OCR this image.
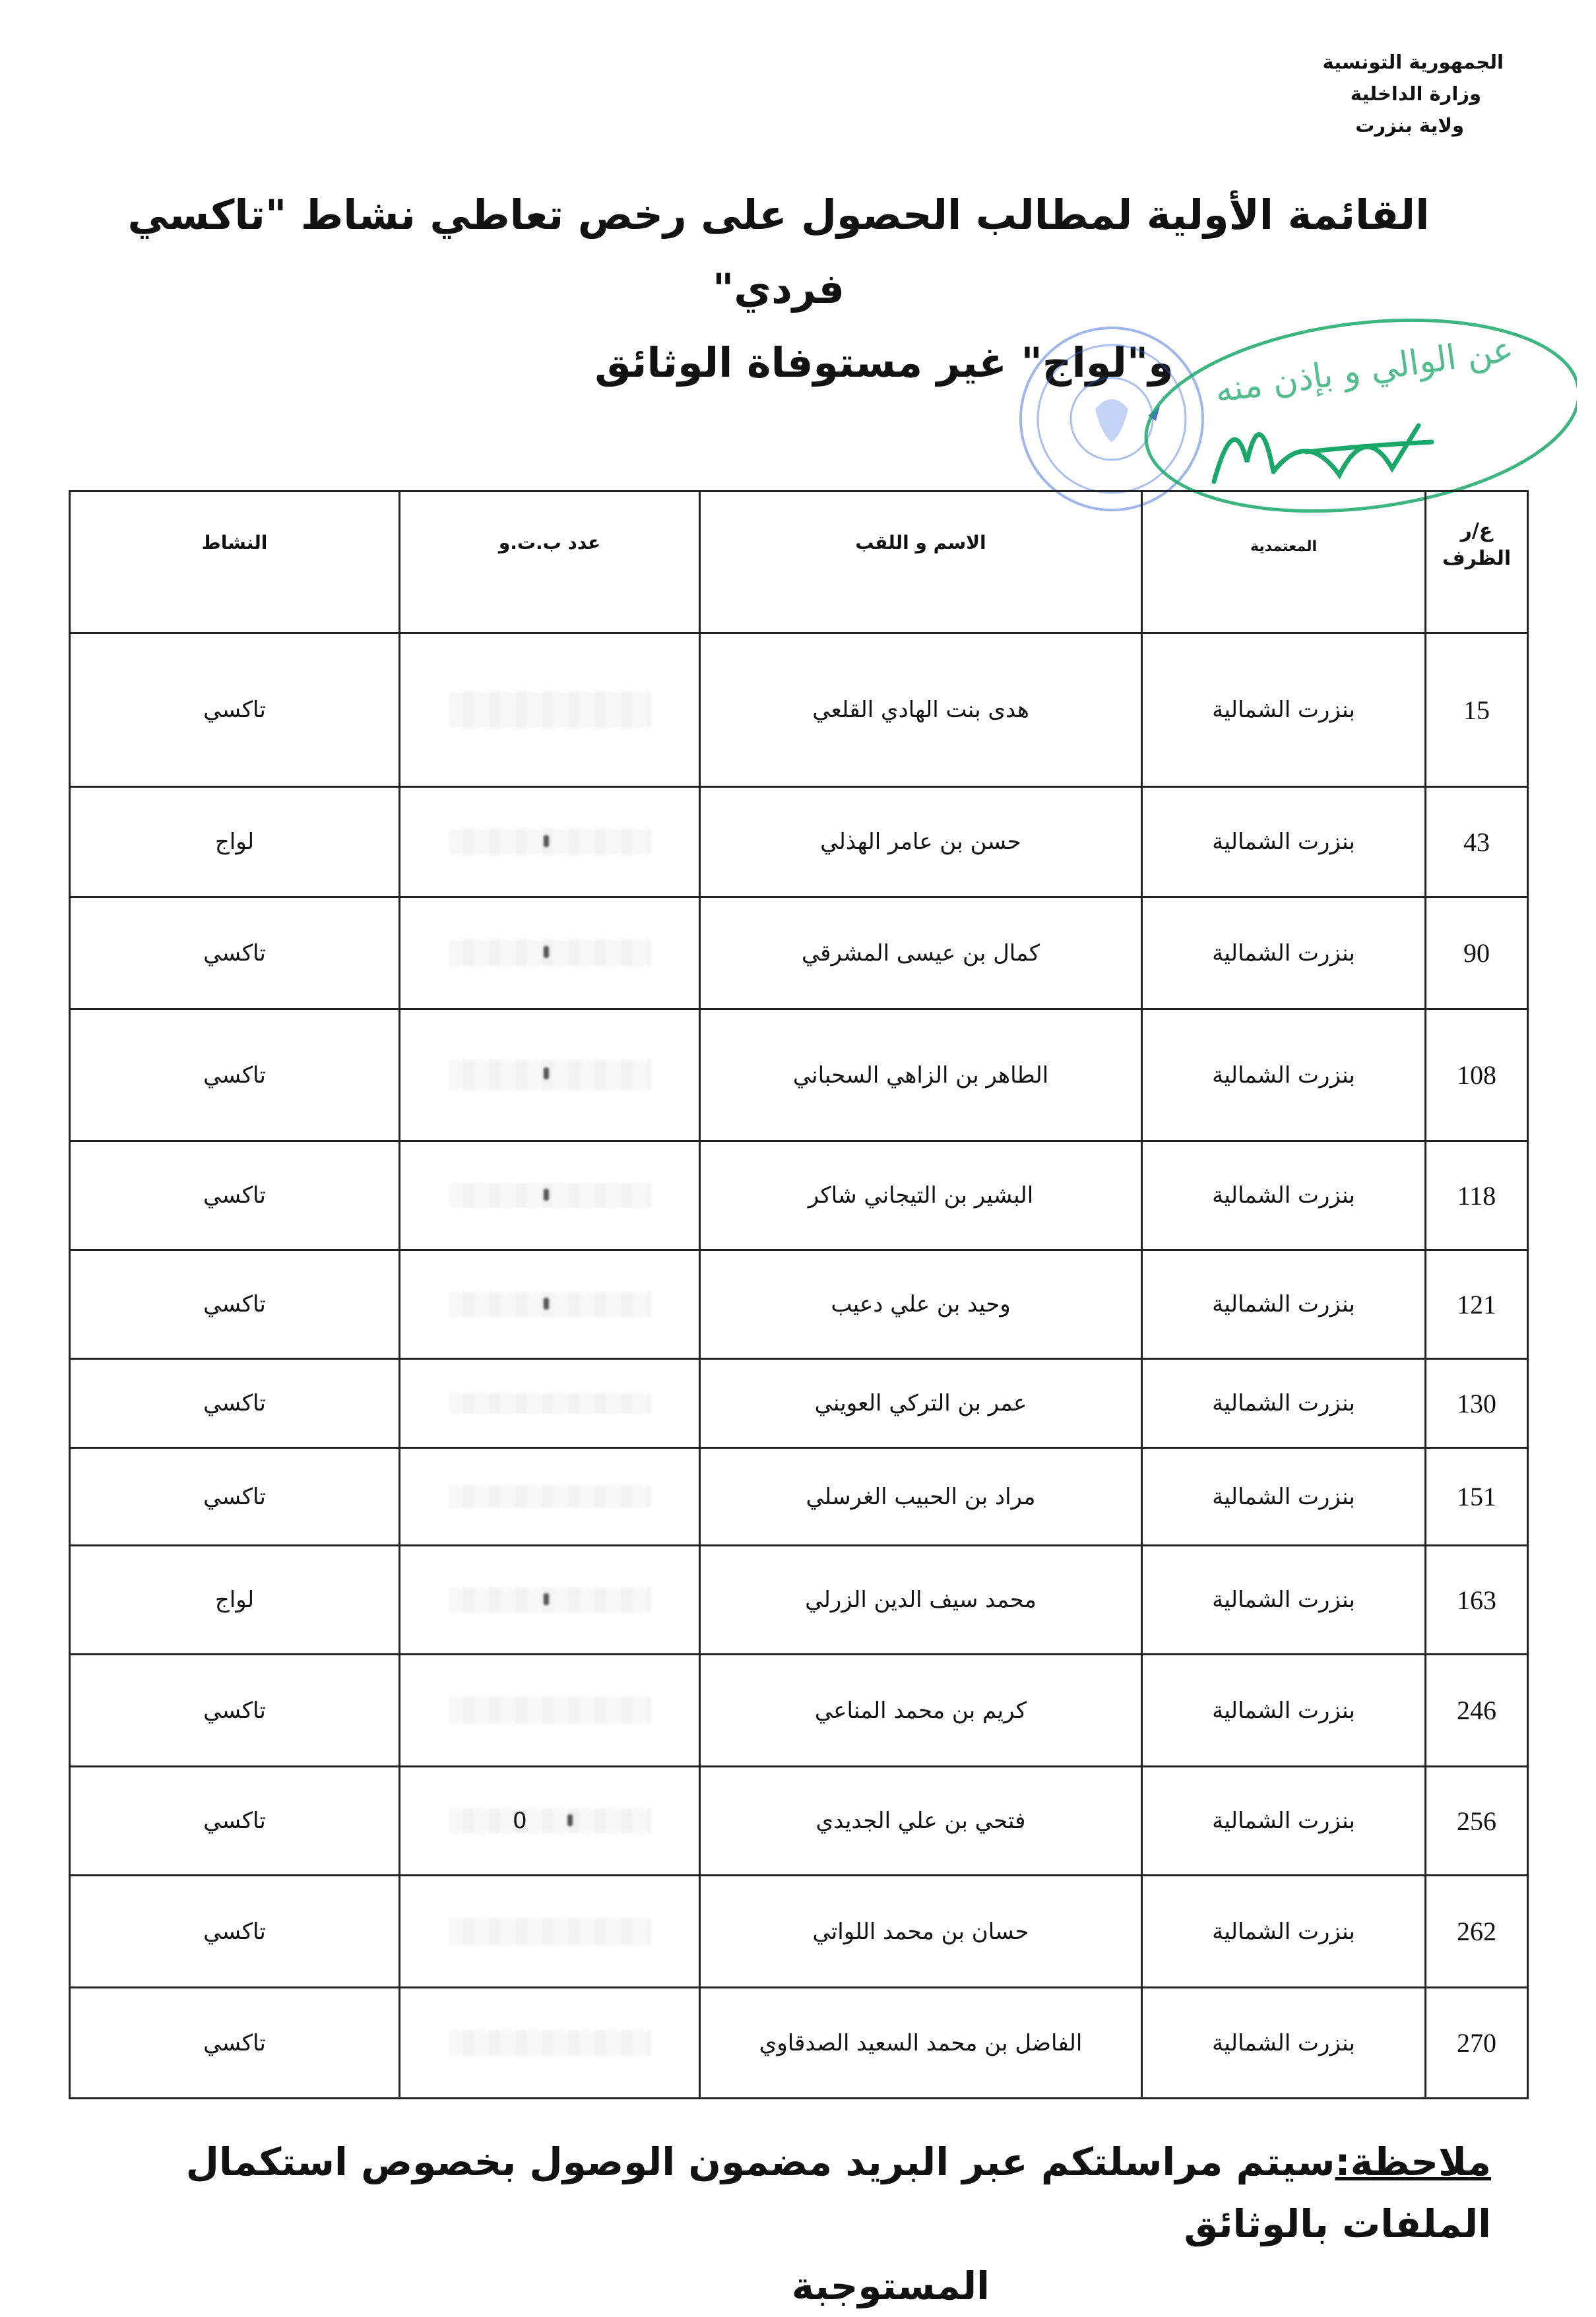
الجمهورية التونسية
وزارة الداخلية
ولاية بنزرت
القائمة الأولية لمطالب الحصول على رخص تعاطي نشاط "تاكسي فردي"
و"لواج" غير مستوفاة الوثائق	عن الوالي و بإذن منه
ع/ر الظرف	المعتمدية	الاسم و اللقب	عدد ب.ت.و	النشاط
15	بنزرت الشمالية	هدى بنت الهادي القلعي		تاكسي
43	بنزرت الشمالية	حسن بن عامر الهذلي		لواج
90	بنزرت الشمالية	كمال بن عيسى المشرقي		تاكسي
108	بنزرت الشمالية	الطاهر بن الزاهي السحباني		تاكسي
118	بنزرت الشمالية	البشير بن التيجاني شاكر		تاكسي
121	بنزرت الشمالية	وحيد بن علي دعيب		تاكسي
130	بنزرت الشمالية	عمر بن التركي العويني		تاكسي
151	بنزرت الشمالية	مراد بن الحبيب الغرسلي		تاكسي
163	بنزرت الشمالية	محمد سيف الدين الزرلي		لواج
246	بنزرت الشمالية	كريم بن محمد المناعي		تاكسي
256	بنزرت الشمالية	فتحي بن علي الجديدي	0	تاكسي
262	بنزرت الشمالية	حسان بن محمد اللواتي		تاكسي
270	بنزرت الشمالية	الفاضل بن محمد السعيد الصدقاوي		تاكسي
ملاحظة:سيتم مراسلتكم عبر البريد مضمون الوصول بخصوص استكمال الملفات بالوثائق
المستوجبة
